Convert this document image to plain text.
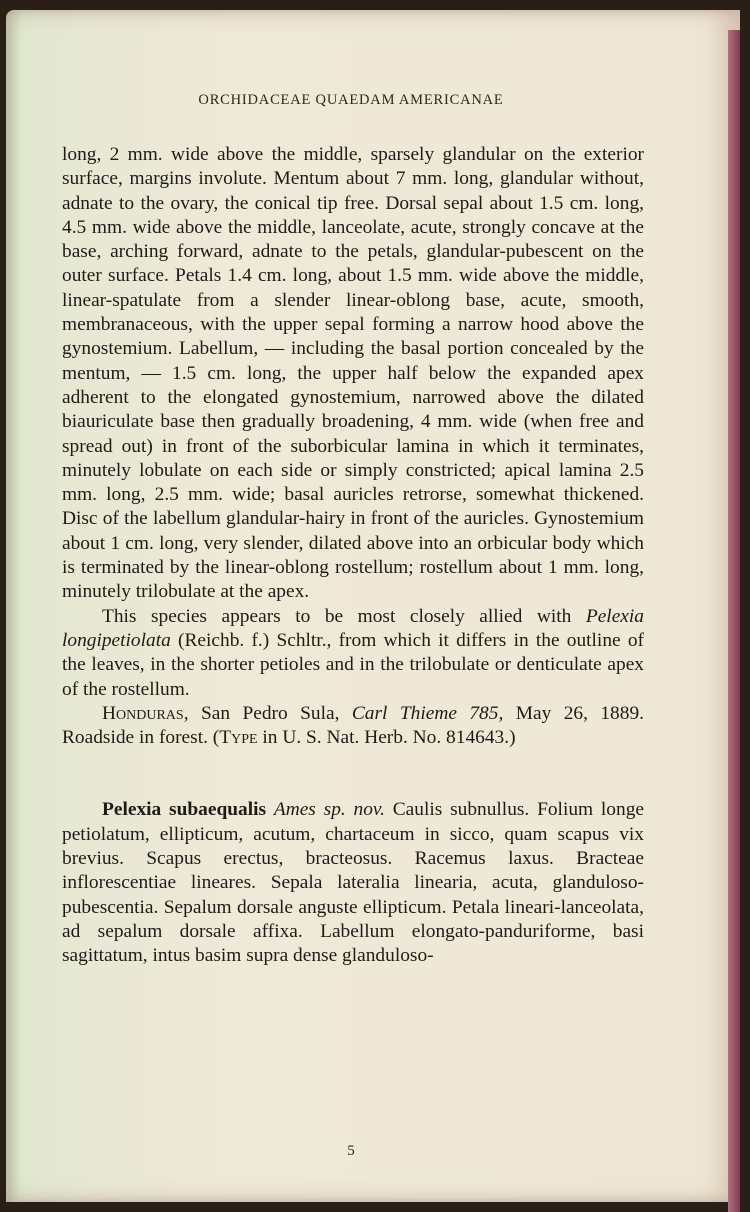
ORCHIDACEAE QUAEDAM AMERICANAE

long, 2 mm. wide above the middle, sparsely glandular on the exterior surface, margins involute. Mentum about 7 mm. long, glandular without, adnate to the ovary, the conical tip free. Dorsal sepal about 1.5 cm. long, 4.5 mm. wide above the middle, lanceolate, acute, strongly concave at the base, arching forward, adnate to the petals, glandular-pubescent on the outer surface. Petals 1.4 cm. long, about 1.5 mm. wide above the middle, linear-spatulate from a slender linear-oblong base, acute, smooth, membranaceous, with the upper sepal forming a narrow hood above the gynostemium. Labellum, — including the basal portion concealed by the mentum, — 1.5 cm. long, the upper half below the expanded apex adherent to the elongated gynostemium, narrowed above the dilated biauriculate base then gradually broadening, 4 mm. wide (when free and spread out) in front of the suborbicular lamina in which it terminates, minutely lobulate on each side or simply constricted; apical lamina 2.5 mm. long, 2.5 mm. wide; basal auricles retrorse, somewhat thickened. Disc of the labellum glandular-hairy in front of the auricles. Gynostemium about 1 cm. long, very slender, dilated above into an orbicular body which is terminated by the linear-oblong rostellum; rostellum about 1 mm. long, minutely trilobulate at the apex.

This species appears to be most closely allied with Pelexia longipetiolata (Reichb. f.) Schltr., from which it differs in the outline of the leaves, in the shorter petioles and in the trilobulate or denticulate apex of the rostellum.

Honduras, San Pedro Sula, Carl Thieme 785, May 26, 1889. Roadside in forest. (Type in U. S. Nat. Herb. No. 814643.)

Pelexia subaequalis Ames sp. nov. Caulis subnullus. Folium longe petiolatum, ellipticum, acutum, chartaceum in sicco, quam scapus vix brevius. Scapus erectus, bracteosus. Racemus laxus. Bracteae inflorescentiae lineares. Sepala lateralia linearia, acuta, glanduloso-pubescentia. Sepalum dorsale anguste ellipticum. Petala lineari-lanceolata, ad sepalum dorsale affixa. Labellum elongato-panduriforme, basi sagittatum, intus basim supra dense glanduloso-

5
